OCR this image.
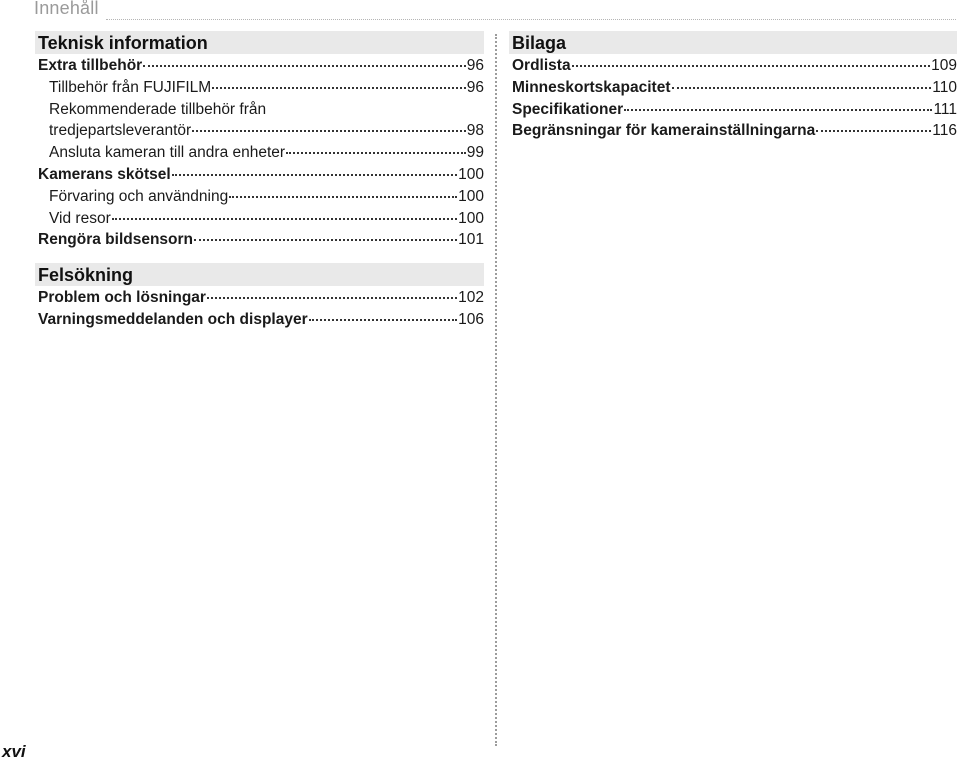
Innehåll
Teknisk information
Extra tillbehör	96
Tillbehör från FUJIFILM	96
Rekommenderade tillbehör från
tredjepartsleverantör	98
Ansluta kameran till andra enheter	99
Kamerans skötsel	100
Förvaring och användning	100
Vid resor	100
Rengöra bildsensorn	101
Felsökning
Problem och lösningar	102
Varningsmeddelanden och displayer	106
Bilaga
Ordlista	109
Minneskortskapacitet	110
Specifikationer	111
Begränsningar för kamerainställningarna	116
xvi
